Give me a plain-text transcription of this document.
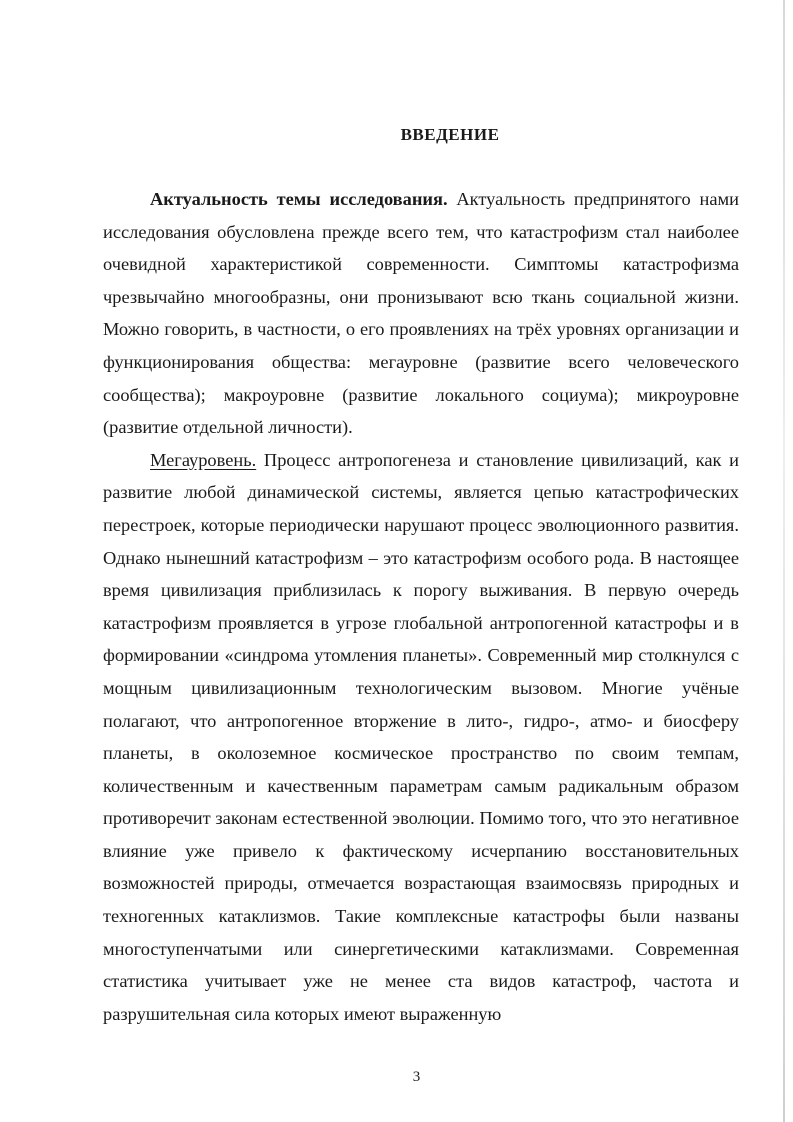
ВВЕДЕНИЕ

Актуальность темы исследования. Актуальность предпринятого нами исследования обусловлена прежде всего тем, что катастрофизм стал наиболее очевидной характеристикой современности. Симптомы катастрофизма чрезвычайно многообразны, они пронизывают всю ткань социальной жизни. Можно говорить, в частности, о его проявлениях на трёх уровнях организации и функционирования общества: мегауровне (развитие всего человеческого сообщества); макроуровне (развитие локального социума); микроуровне (развитие отдельной личности).

Мегауровень. Процесс антропогенеза и становление цивилизаций, как и развитие любой динамической системы, является цепью катастрофических перестроек, которые периодически нарушают процесс эволюционного развития. Однако нынешний катастрофизм – это катастрофизм особого рода. В настоящее время цивилизация приблизилась к порогу выживания. В первую очередь катастрофизм проявляется в угрозе глобальной антропогенной катастрофы и в формировании «синдрома утомления планеты». Современный мир столкнулся с мощным цивилизационным технологическим вызовом. Многие учёные полагают, что антропогенное вторжение в лито-, гидро-, атмо- и биосферу планеты, в околоземное космическое пространство по своим темпам, количественным и качественным параметрам самым радикальным образом противоречит законам естественной эволюции. Помимо того, что это негативное влияние уже привело к фактическому исчерпанию восстановительных возможностей природы, отмечается возрастающая взаимосвязь природных и техногенных катаклизмов. Такие комплексные катастрофы были названы многоступенчатыми или синергетическими катаклизмами. Современная статистика учитывает уже не менее ста видов катастроф, частота и разрушительная сила которых имеют выраженную

3
